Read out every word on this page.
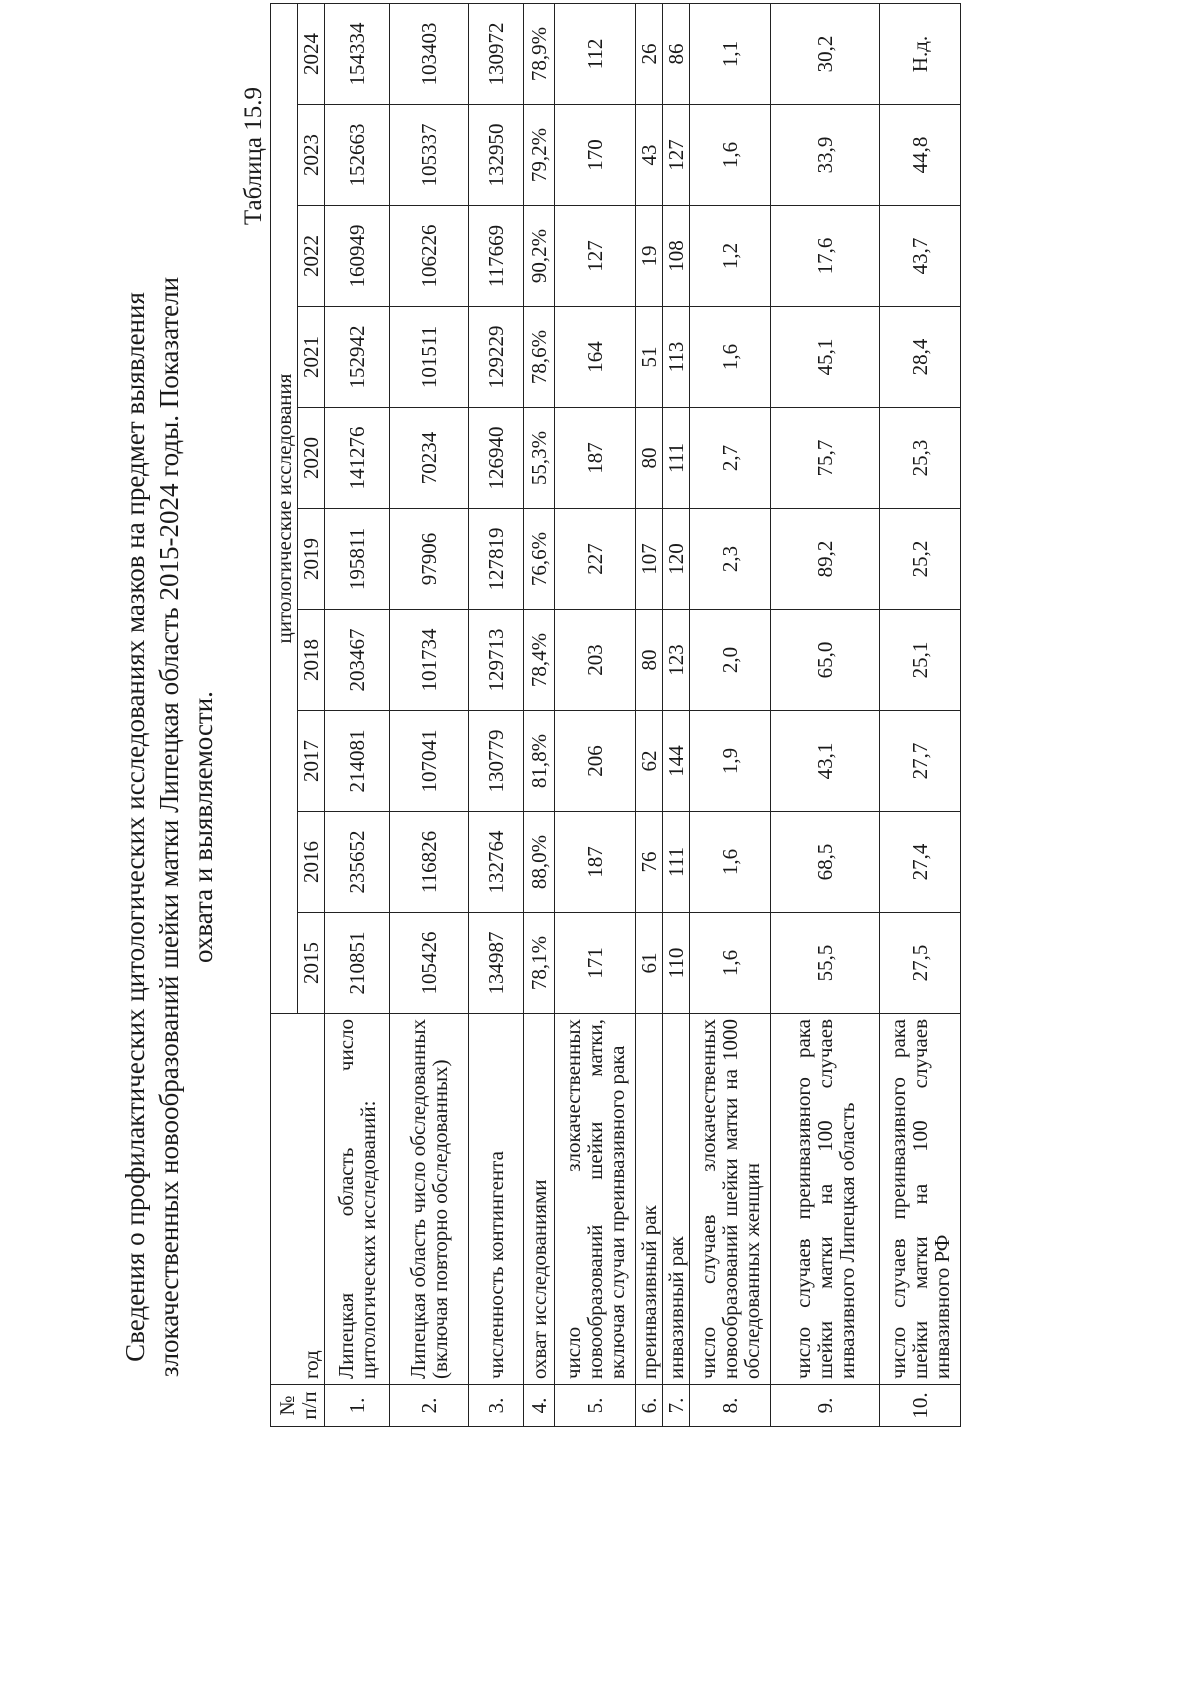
Сведения о профилактических цитологических исследованиях мазков на предмет выявления злокачественных новообразований шейки матки Липецкая область 2015-2024 годы. Показатели охвата и выявляемости.
Таблица 15.9
№ п/п	год	цитологические исследования									
		2015	2016	2017	2018	2019	2020	2021	2022	2023	2024
1.	Липецкая область число цитологических исследований:	210851	235652	214081	203467	195811	141276	152942	160949	152663	154334
2.	Липецкая область число обследованных (включая повторно обследованных)	105426	116826	107041	101734	97906	70234	101511	106226	105337	103403
3.	численность контингента	134987	132764	130779	129713	127819	126940	129229	117669	132950	130972
4.	охват исследованиями	78,1%	88,0%	81,8%	78,4%	76,6%	55,3%	78,6%	90,2%	79,2%	78,9%
5.	число злокачественных новообразований шейки матки, включая случаи преинвазивного рака	171	187	206	203	227	187	164	127	170	112
6.	преинвазивный рак	61	76	62	80	107	80	51	19	43	26
7.	инвазивный рак	110	111	144	123	120	111	113	108	127	86
8.	число случаев злокачественных новообразований шейки матки на 1000 обследованных женщин	1,6	1,6	1,9	2,0	2,3	2,7	1,6	1,2	1,6	1,1
9.	число случаев преинвазивного рака шейки матки на 100 случаев инвазивного Липецкая область	55,5	68,5	43,1	65,0	89,2	75,7	45,1	17,6	33,9	30,2
10.	число случаев преинвазивного рака шейки матки на 100 случаев инвазивного РФ	27,5	27,4	27,7	25,1	25,2	25,3	28,4	43,7	44,8	Н.д.
